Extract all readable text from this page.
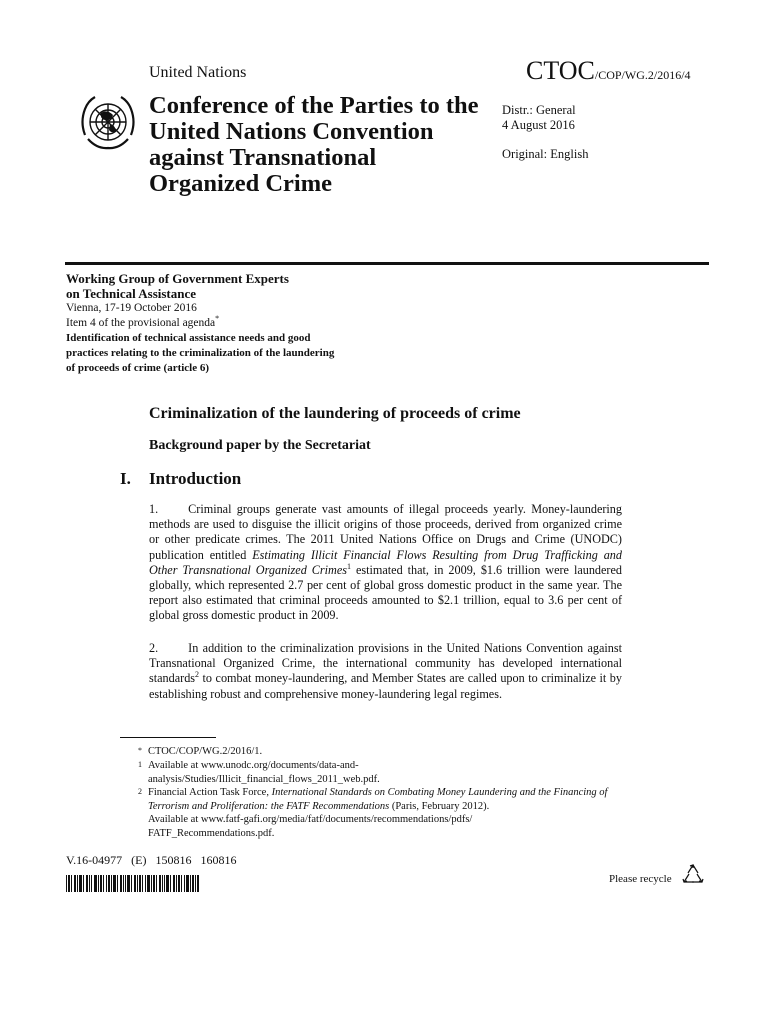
United Nations	CTOC/COP/WG.2/2016/4
Conference of the Parties to the
United Nations Convention
against Transnational
Organized Crime
Distr.: General
4 August 2016
Original: English
Working Group of Government Experts
on Technical Assistance
Vienna, 17-19 October 2016
Item 4 of the provisional agenda*
Identification of technical assistance needs and good
practices relating to the criminalization of the laundering
of proceeds of crime (article 6)
Criminalization of the laundering of proceeds of crime
Background paper by the Secretariat
I. Introduction
1. Criminal groups generate vast amounts of illegal proceeds yearly. Money-laundering methods are used to disguise the illicit origins of those proceeds, derived from organized crime or other predicate crimes. The 2011 United Nations Office on Drugs and Crime (UNODC) publication entitled Estimating Illicit Financial Flows Resulting from Drug Trafficking and Other Transnational Organized Crimes$^1$ estimated that, in 2009, $1.6 trillion were laundered globally, which represented 2.7 per cent of global gross domestic product in the same year. The report also estimated that criminal proceeds amounted to $2.1 trillion, equal to 3.6 per cent of global gross domestic product in 2009.
2. In addition to the criminalization provisions in the United Nations Convention against Transnational Organized Crime, the international community has developed international standards$^2$ to combat money-laundering, and Member States are called upon to criminalize it by establishing robust and comprehensive money-laundering legal regimes.
* CTOC/COP/WG.2/2016/1.
1 Available at www.unodc.org/documents/data-and-
analysis/Studies/Illicit_financial_flows_2011_web.pdf.
2 Financial Action Task Force, International Standards on Combating Money Laundering and the Financing of Terrorism and Proliferation: the FATF Recommendations (Paris, February 2012).
Available at www.fatf-gafi.org/media/fatf/documents/recommendations/pdfs/
FATF_Recommendations.pdf.
V.16-04977 (E) 150816 160816
Please recycle
